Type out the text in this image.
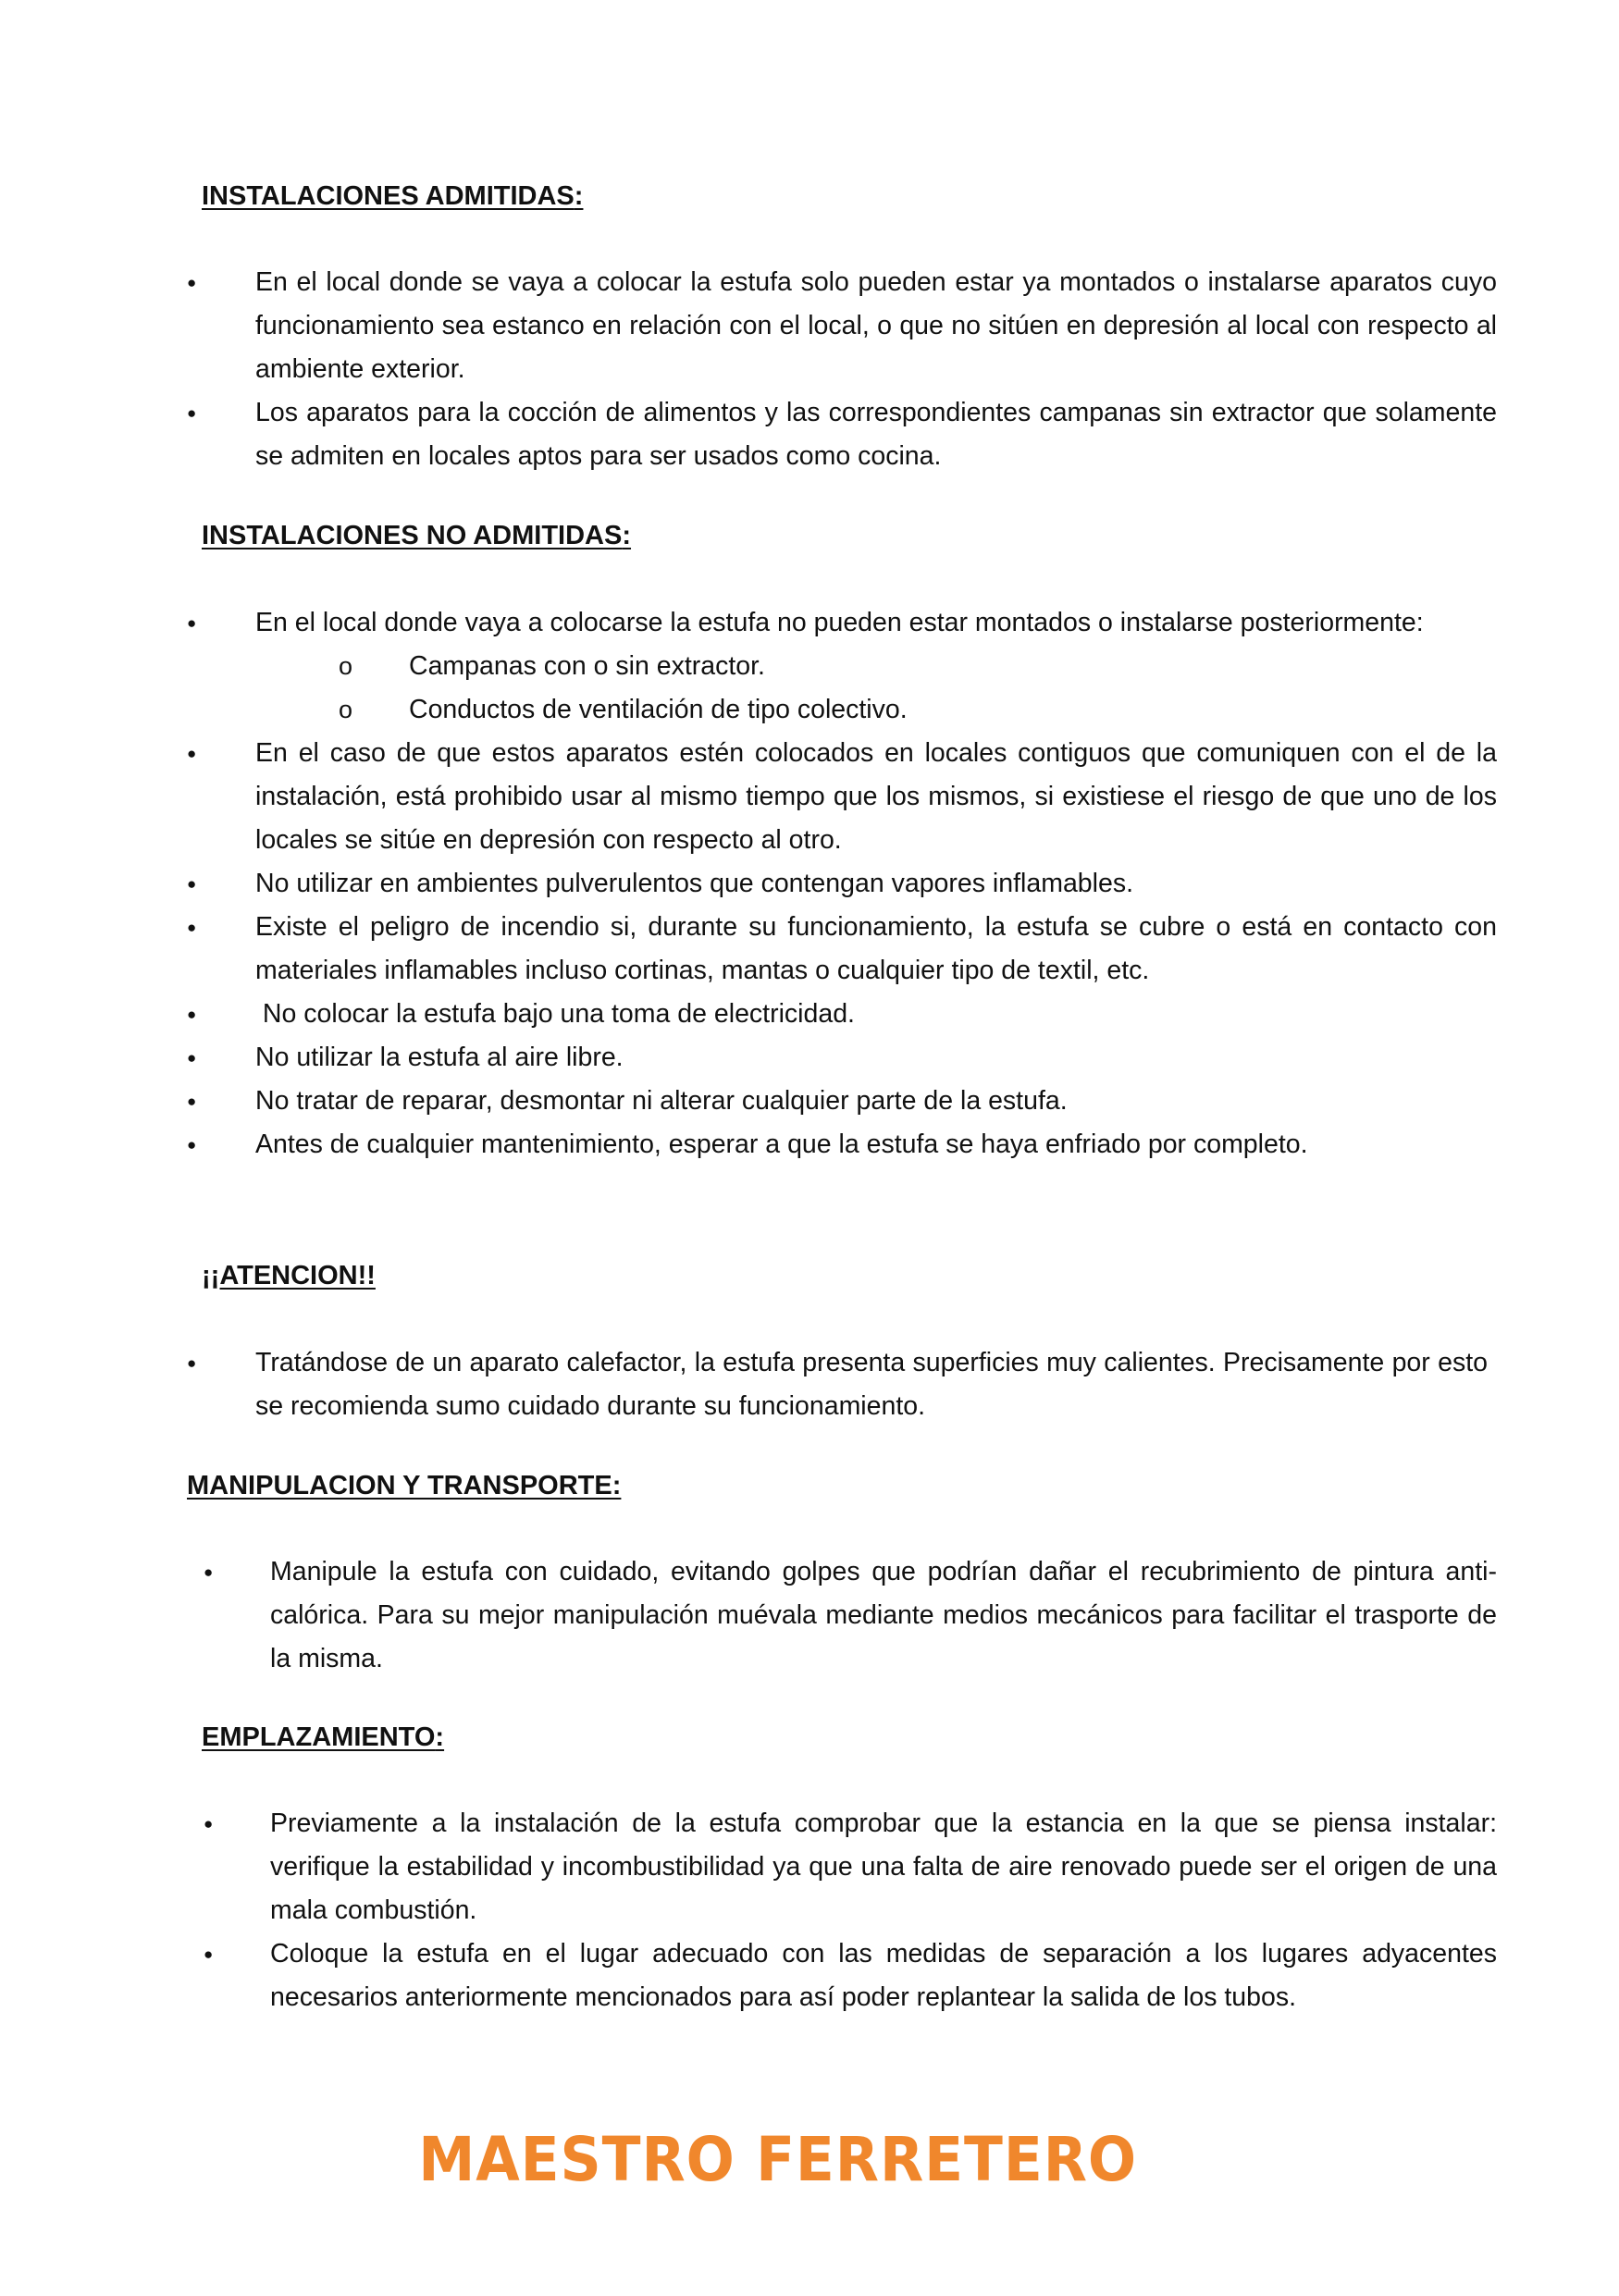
INSTALACIONES ADMITIDAS:
● En el local donde se vaya a colocar la estufa solo pueden estar ya montados o instalarse aparatos cuyo funcionamiento sea estanco en relación con el local, o que no sitúen en depresión al local con respecto al ambiente exterior.
● Los aparatos para la cocción de alimentos y las correspondientes campanas sin extractor que solamente se admiten en locales aptos para ser usados como cocina.
INSTALACIONES NO ADMITIDAS:
● En el local donde vaya a colocarse la estufa no pueden estar montados o instalarse posteriormente:
o Campanas con o sin extractor.
o Conductos de ventilación de tipo colectivo.
● En el caso de que estos aparatos estén colocados en locales contiguos que comuniquen con el de la instalación, está prohibido usar al mismo tiempo que los mismos, si existiese el riesgo de que uno de los locales se sitúe en depresión con respecto al otro.
● No utilizar en ambientes pulverulentos que contengan vapores inflamables.
● Existe el peligro de incendio si, durante su funcionamiento, la estufa se cubre o está en contacto con materiales inflamables incluso cortinas, mantas o cualquier tipo de textil, etc.
●  No colocar la estufa bajo una toma de electricidad.
● No utilizar la estufa al aire libre.
● No tratar de reparar, desmontar ni alterar cualquier parte de la estufa.
● Antes de cualquier mantenimiento, esperar a que la estufa se haya enfriado por completo.
¡¡ATENCION!!
● Tratándose de un aparato calefactor, la estufa presenta superficies muy calientes. Precisamente por esto se recomienda sumo cuidado durante su funcionamiento.
MANIPULACION Y TRANSPORTE:
● Manipule la estufa con cuidado, evitando golpes que podrían dañar el recubrimiento de pintura anti-calórica. Para su mejor manipulación muévala mediante medios mecánicos para facilitar el trasporte de la misma.
EMPLAZAMIENTO:
● Previamente a la instalación de la estufa comprobar que la estancia en la que se piensa instalar: verifique la estabilidad y incombustibilidad ya que una falta de aire renovado puede ser el origen de una mala combustión.
● Coloque la estufa en el lugar adecuado con las medidas de separación a los lugares adyacentes necesarios anteriormente mencionados para así poder replantear la salida de los tubos.
MAESTRO FERRETERO
